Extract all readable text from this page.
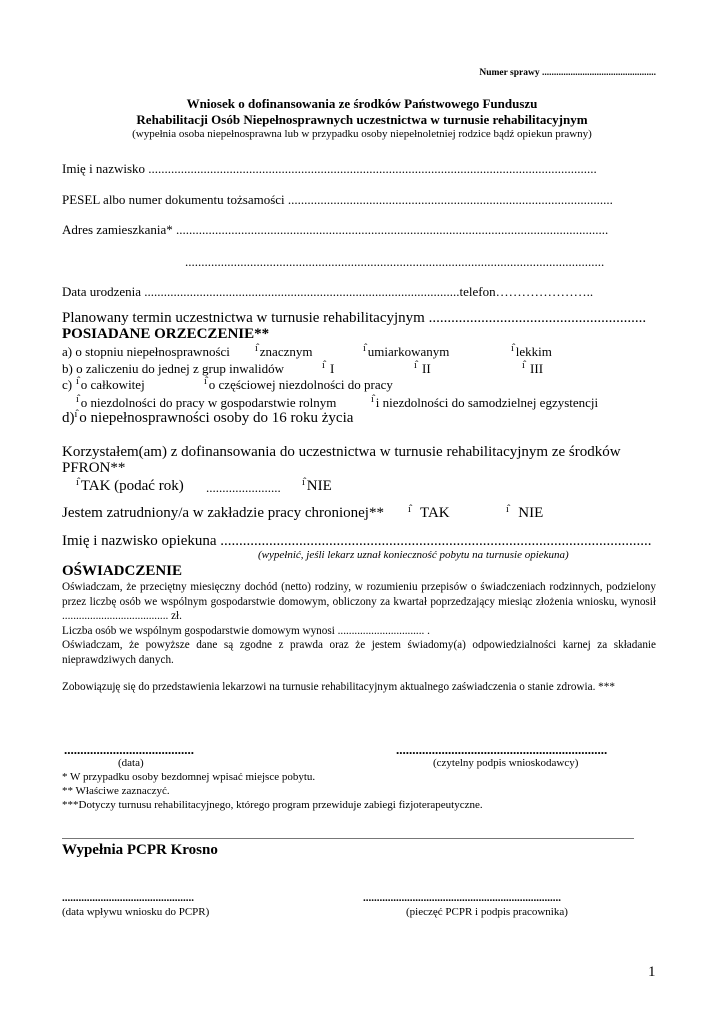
Numer sprawy ................................................
Wniosek o dofinansowania ze środków Państwowego Funduszu
Rehabilitacji Osób Niepełnosprawnych uczestnictwa w turnusie rehabilitacyjnym
(wypełnia osoba niepełnosprawna lub w przypadku osoby niepełnoletniej rodzice bądź opiekun prawny)
Imię i nazwisko ..........................................................................................................................................
PESEL albo numer dokumentu tożsamości ....................................................................................................
Adres zamieszkania* .....................................................................................................................................
.................................................................................................................................
Data urodzenia .................................................................................................telefon…………………..
Planowany termin uczestnictwa w turnusie rehabilitacyjnym ..........................................................
POSIADANE ORZECZENIE**
a) o stopniu niepełnosprawności	$^{ı̂}$ znacznym	$^{ı̂}$ umiarkowanym	$^{ı̂}$ lekkim
b) o zaliczeniu do jednej z grup inwalidów	$^{ı̂}$ I	$^{ı̂}$ II	$^{ı̂}$ III
c) $^{ı̂}$ o całkowitej	$^{ı̂}$ o częściowej niezdolności do pracy
$^{ı̂}$ o niezdolności do pracy w gospodarstwie rolnym	$^{ı̂}$ i niezdolności do samodzielnej egzystencji
d)$^{ı̂}$ o niepełnosprawności osoby do 16 roku życia
Korzystałem(am) z dofinansowania do uczestnictwa w turnusie rehabilitacyjnym ze środków
PFRON**
$^{ı̂}$ TAK (podać rok) ....................... $^{ı̂}$ NIE
Jestem zatrudniony/a w zakładzie pracy chronionej** $^{ı̂}$ TAK	$^{ı̂}$ NIE
Imię i nazwisko opiekuna ...................................................................................................................
(wypełnić, jeśli lekarz uznał konieczność pobytu na turnusie opiekuna)
OŚWIADCZENIE
Oświadczam, że przeciętny miesięczny dochód (netto) rodziny, w rozumieniu przepisów o świadczeniach rodzinnych, podzielony przez liczbę osób we wspólnym gospodarstwie domowym, obliczony za kwartał poprzedzający miesiąc złożenia wniosku, wynosił ...................................... zł.
Liczba osób we wspólnym gospodarstwie domowym wynosi ............................... .
Oświadczam, że powyższe dane są zgodne z prawda oraz że jestem świadomy(a) odpowiedzialności karnej za składanie nieprawdziwych danych.
Zobowiązuję się do przedstawienia lekarzowi na turnusie rehabilitacyjnym aktualnego zaświadczenia o stanie zdrowia. ***
........................................
(data)
.................................................................
(czytelny podpis wnioskodawcy)
* W przypadku osoby bezdomnej wpisać miejsce pobytu.
** Właściwe zaznaczyć.
***Dotyczy turnusu rehabilitacyjnego, którego program przewiduje zabiegi fizjoterapeutyczne.
Wypełnia PCPR Krosno
................................................
(data wpływu wniosku do PCPR)
........................................................................
(pieczęć PCPR i podpis pracownika)
1
